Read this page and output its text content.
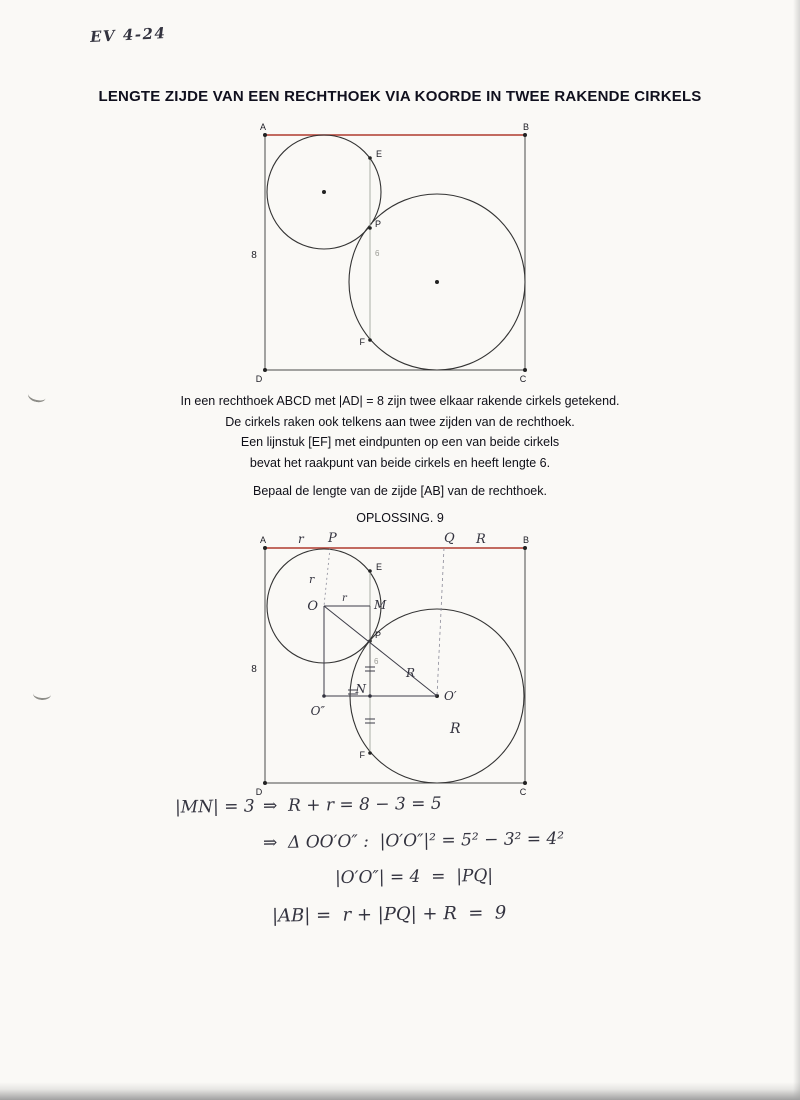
EV 4-24
LENGTE ZIJDE VAN EEN RECHTHOEK VIA KOORDE IN TWEE RAKENDE CIRKELS
A	B
D	C
E
P
F
8	6
In een rechthoek ABCD met |AD| = 8 zijn twee elkaar rakende cirkels getekend.
De cirkels raken ook telkens aan twee zijden van de rechthoek.
Een lijnstuk [EF] met eindpunten op een van beide cirkels
bevat het raakpunt van beide cirkels en heeft lengte 6.
Bepaal de lengte van de zijde [AB] van de rechthoek.
OPLOSSING. 9
A	B
D	C
E
P
F
8
6
r P	Q R
r
O
r M
N
O″
R
O′
R
|MN| = 3 ⇒  R + r = 8 − 3 = 5
⇒  Δ OO′O″ :  |O′O″|² = 5² − 3² = 4²
|O′O″| = 4  =  |PQ|
|AB| =  r + |PQ| + R  =  9
